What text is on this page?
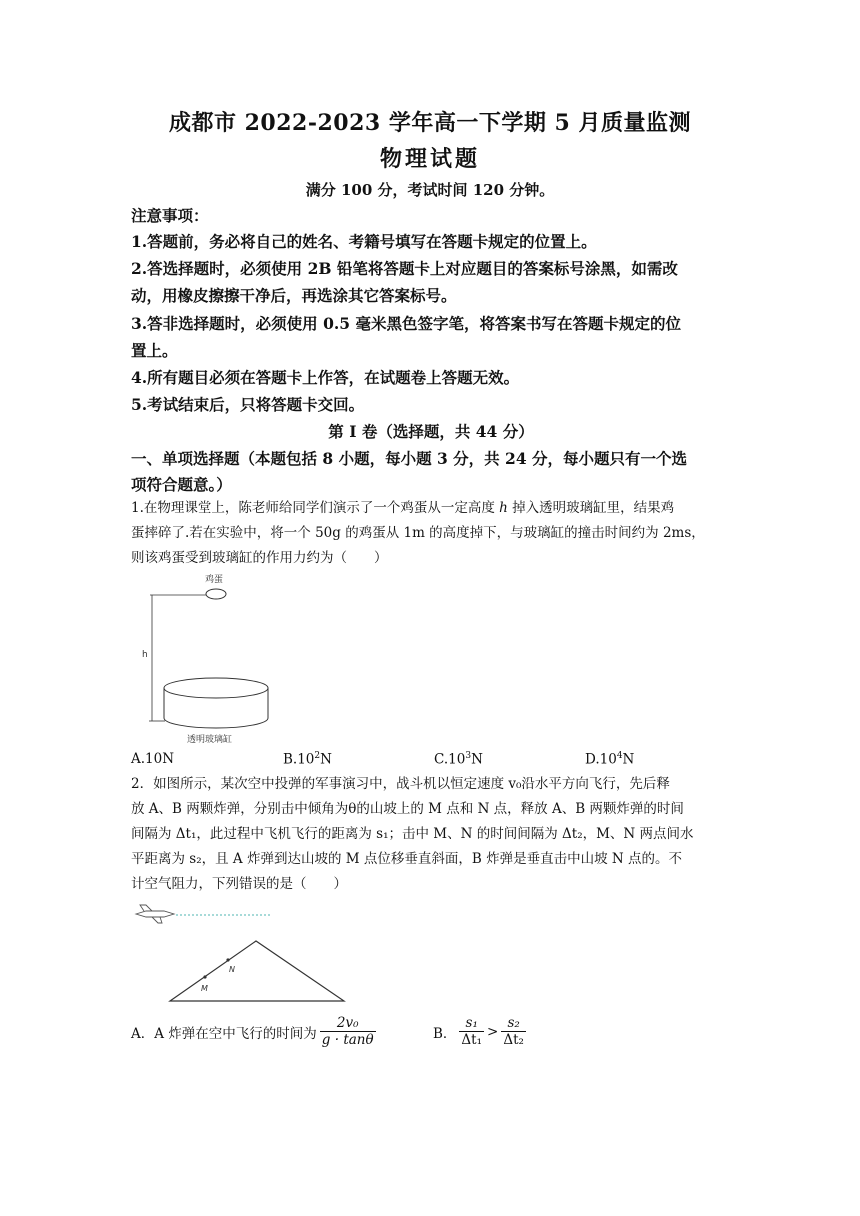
成都市 2022-2023 学年高一下学期 5 月质量监测
物理试题
满分 100 分，考试时间 120 分钟。
注意事项：
1.答题前，务必将自己的姓名、考籍号填写在答题卡规定的位置上。
2.答选择题时，必须使用 2B 铅笔将答题卡上对应题目的答案标号涂黑，如需改
动，用橡皮擦擦干净后，再选涂其它答案标号。
3.答非选择题时，必须使用 0.5 毫米黑色签字笔，将答案书写在答题卡规定的位
置上。
4.所有题目必须在答题卡上作答，在试题卷上答题无效。
5.考试结束后，只将答题卡交回。
第 I 卷（选择题，共 44 分）
一、单项选择题（本题包括 8 小题，每小题 3 分，共 24 分，每小题只有一个选
项符合题意。）
1.在物理课堂上，陈老师给同学们演示了一个鸡蛋从一定高度 h 掉入透明玻璃缸里，结果鸡
蛋摔碎了.若在实验中，将一个 50g 的鸡蛋从 1m 的高度掉下，与玻璃缸的撞击时间约为 2ms，
则该鸡蛋受到玻璃缸的作用力约为（　　）
鸡蛋
h
透明玻璃缸
A.10N	$B.10^2N$	$C.10^3N$	$D.10^4N$
2．如图所示，某次空中投弹的军事演习中，战斗机以恒定速度 v₀沿水平方向飞行，先后释
放 A、B 两颗炸弹，分别击中倾角为θ的山坡上的 M 点和 N 点，释放 A、B 两颗炸弹的时间
间隔为 Δt₁，此过程中飞机飞行的距离为 s₁；击中 M、N 的时间间隔为 Δt₂，M、N 两点间水
平距离为 s₂，且 A 炸弹到达山坡的 M 点位移垂直斜面，B 炸弹是垂直击中山坡 N 点的。不
计空气阻力，下列错误的是（　　）
M
N
A．A 炸弹在空中飞行的时间为 $\frac{\text{2v₀}}{g \cdot \tan\theta}$	B． $\frac{\text{s₁}}{\text{Δt₁}} > \frac{\text{s₂}}{\text{Δt₂}}$
